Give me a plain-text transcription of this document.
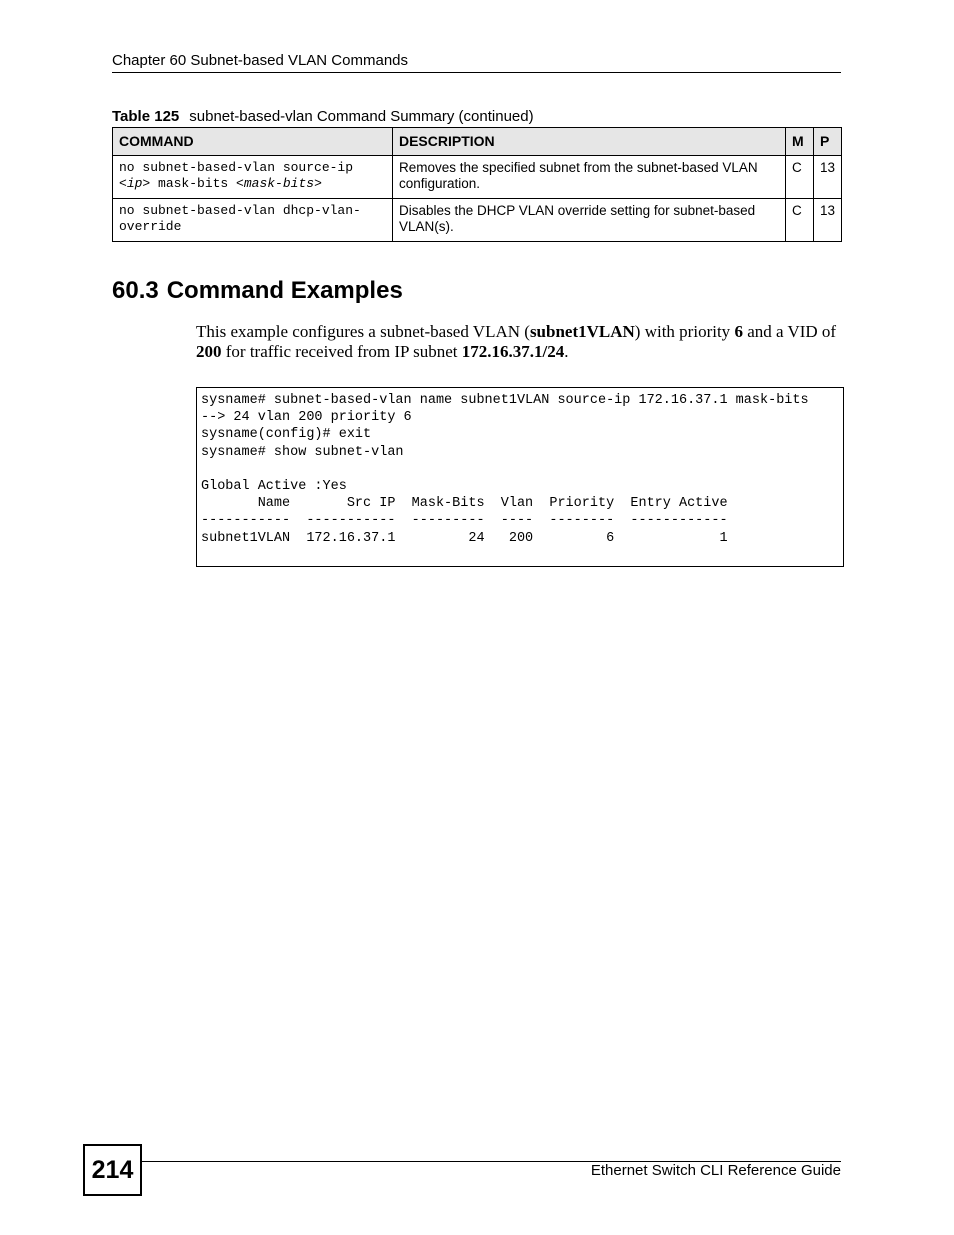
Chapter 60 Subnet-based VLAN Commands
Table 125 subnet-based-vlan Command Summary (continued)
COMMAND	DESCRIPTION	M	P
no subnet-based-vlan source-ip
<ip> mask-bits <mask-bits>	Removes the specified subnet from the subnet-based VLAN configuration.	C	13
no subnet-based-vlan dhcp-vlan-
override	Disables the DHCP VLAN override setting for subnet-based VLAN(s).	C	13
60.3 Command Examples
This example configures a subnet-based VLAN (subnet1VLAN) with priority 6 and a VID of 200 for traffic received from IP subnet 172.16.37.1/24.
sysname# subnet-based-vlan name subnet1VLAN source-ip 172.16.37.1 mask-bits
--> 24 vlan 200 priority 6
sysname(config)# exit
sysname# show subnet-vlan

Global Active :Yes
Name       Src IP  Mask-Bits  Vlan  Priority  Entry Active
-----------  -----------  ---------  ----  --------  ------------
subnet1VLAN  172.16.37.1         24   200         6             1
214	Ethernet Switch CLI Reference Guide
